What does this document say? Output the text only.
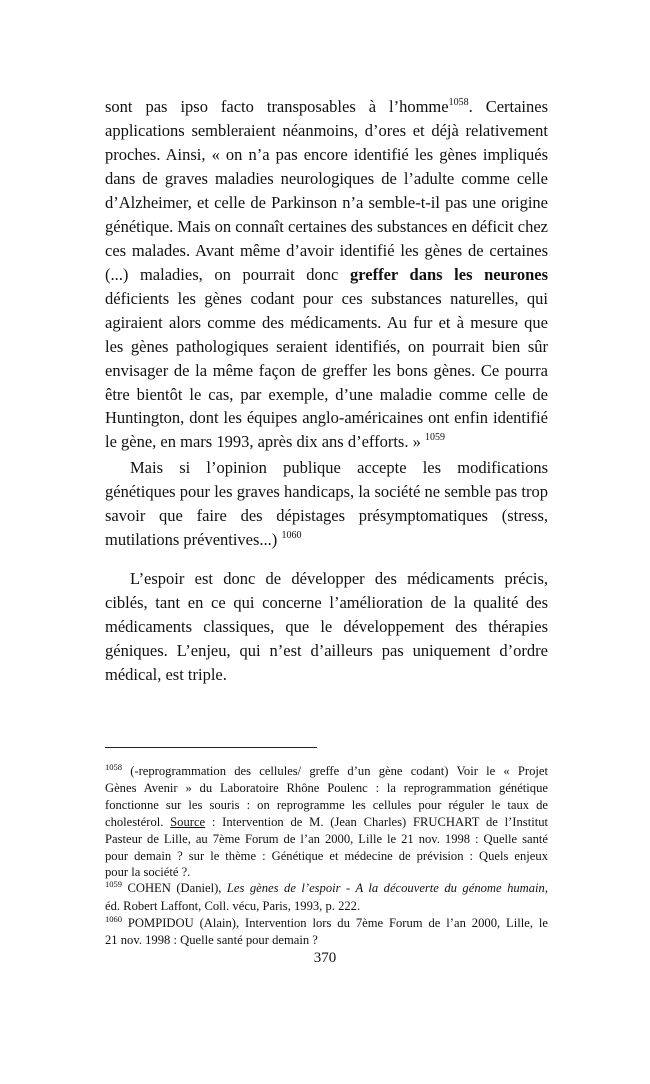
sont pas ipso facto transposables à l’homme$^{1058}$. Certaines
applications sembleraient néanmoins, d’ores et déjà relativement
proches. Ainsi, « on n’a pas encore identifié les gènes impliqués
dans de graves maladies neurologiques de l’adulte comme celle
d’Alzheimer, et celle de Parkinson n’a semble-t-il pas une origine
génétique. Mais on connaît certaines des substances en déficit chez
ces malades. Avant même d’avoir identifié les gènes de certaines
(...) maladies, on pourrait donc greffer dans les neurones
déficients les gènes codant pour ces substances naturelles, qui
agiraient alors comme des médicaments. Au fur et à mesure que
les gènes pathologiques seraient identifiés, on pourrait bien sûr
envisager de la même façon de greffer les bons gènes. Ce pourra
être bientôt le cas, par exemple, d’une maladie comme celle de
Huntington, dont les équipes anglo-américaines ont enfin identifié
le gène, en mars 1993, après dix ans d’efforts. » $^{1059}$
Mais si l’opinion publique accepte les modifications
génétiques pour les graves handicaps, la société ne semble pas trop
savoir que faire des dépistages présymptomatiques (stress,
mutilations préventives...) $^{1060}$
L’espoir est donc de développer des médicaments précis,
ciblés, tant en ce qui concerne l’amélioration de la qualité des
médicaments classiques, que le développement des thérapies
géniques. L’enjeu, qui n’est d’ailleurs pas uniquement d’ordre
médical, est triple.
$^{1058}$ (-reprogrammation des cellules/ greffe d’un gène codant) Voir le « Projet
Gènes Avenir » du Laboratoire Rhône Poulenc : la reprogrammation génétique
fonctionne sur les souris : on reprogramme les cellules pour réguler le taux de
cholestérol. Source : Intervention de M. (Jean Charles) FRUCHART de l’Institut
Pasteur de Lille, au 7ème Forum de l’an 2000, Lille le 21 nov. 1998 : Quelle santé
pour demain ? sur le thème : Génétique et médecine de prévision : Quels enjeux
pour la société ?.
$^{1059}$ COHEN (Daniel), Les gènes de l’espoir - A la découverte du génome humain,
éd. Robert Laffont, Coll. vécu, Paris, 1993, p. 222.
$^{1060}$ POMPIDOU (Alain), Intervention lors du 7ème Forum de l’an 2000, Lille, le
21 nov. 1998 : Quelle santé pour demain ?
370
